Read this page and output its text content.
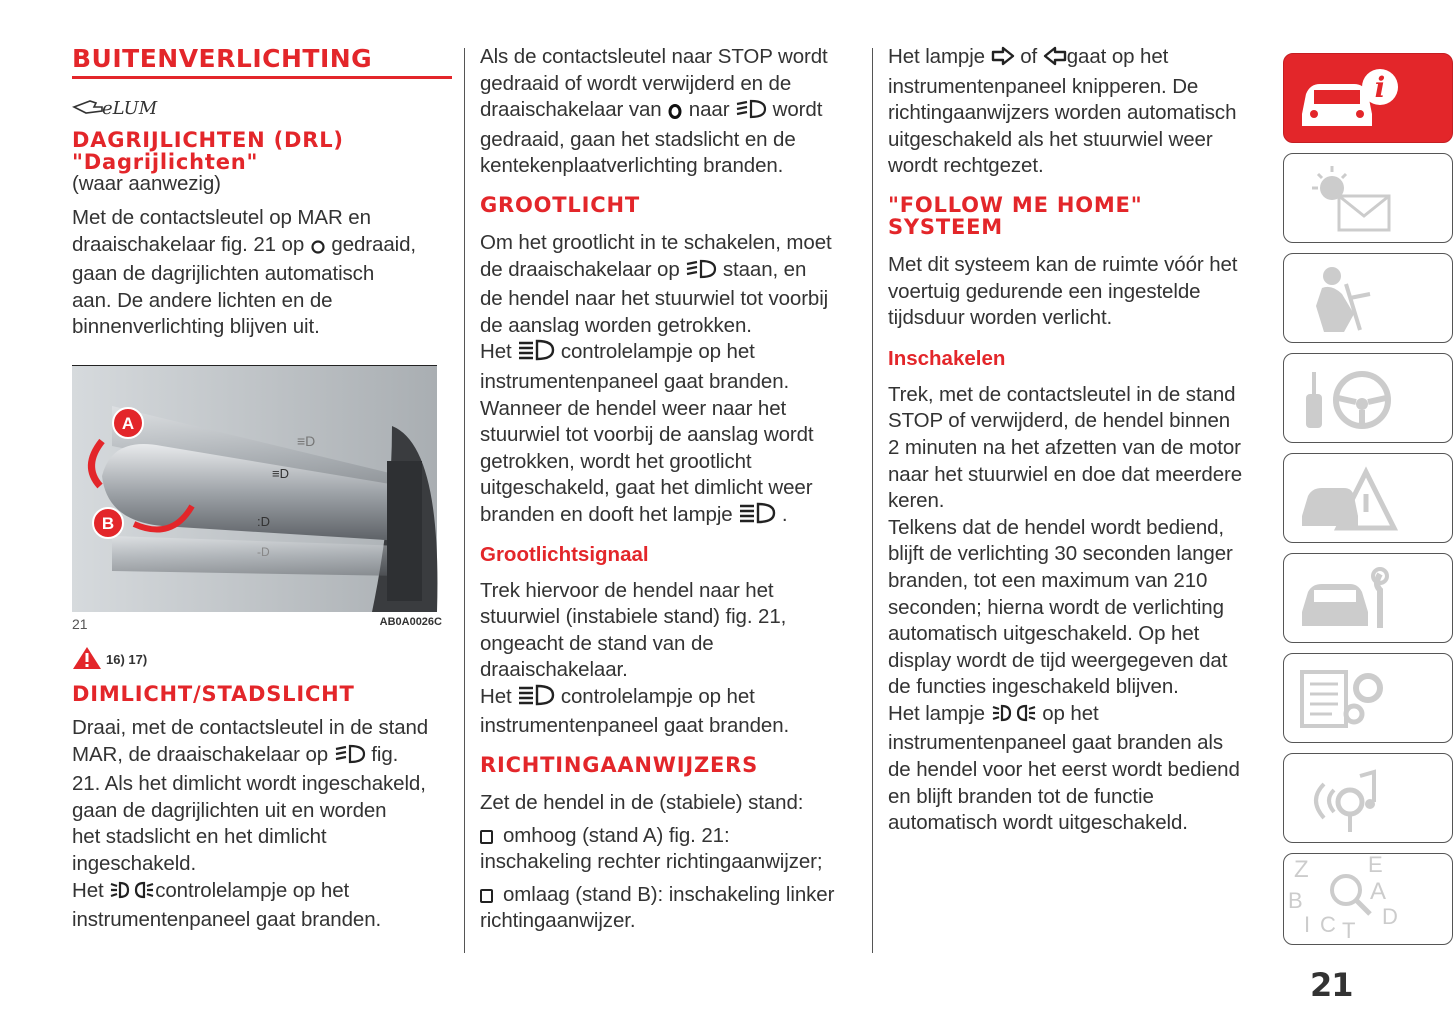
BUITENVERLICHTING
eLUM
DAGRIJLICHTEN (DRL)
"Dagrijlichten"

(waar aanwezig)

Met de contactsleutel op MAR en

draaischakelaar fig. 21 op gedraaid,

gaan de dagrijlichten automatisch

aan. De andere lichten en de

binnenverlichting blijven uit.

≡D
≡D
:D
-D
A
B
21	AB0A0026C
16) 17)
DIMLICHT/STADSLICHT

Draai, met de contactsleutel in de stand

MAR, de draaischakelaar op fig.

21. Als het dimlicht wordt ingeschakeld,

gaan de dagrijlichten uit en worden

het stadslicht en het dimlicht

ingeschakeld.

Het	controlelampje op het

instrumentenpaneel gaat branden.

Als de contactsleutel naar STOP wordt

gedraaid of wordt verwijderd en de

draaischakelaar van naar wordt

gedraaid, gaan het stadslicht en de

kentekenplaatverlichting branden.

GROOTLICHT

Om het grootlicht in te schakelen, moet

de draaischakelaar op staan, en

de hendel naar het stuurwiel tot voorbij

de aanslag worden getrokken.

Het controlelampje op het

instrumentenpaneel gaat branden.

Wanneer de hendel weer naar het

stuurwiel tot voorbij de aanslag wordt

getrokken, wordt het grootlicht

uitgeschakeld, gaat het dimlicht weer

branden en dooft het lampje .

Grootlichtsignaal

Trek hiervoor de hendel naar het

stuurwiel (instabiele stand) fig. 21,

ongeacht de stand van de

draaischakelaar.

Het controlelampje op het

instrumentenpaneel gaat branden.

RICHTINGAANWIJZERS

Zet de hendel in de (stabiele) stand:

omhoog (stand A) fig. 21:

inschakeling rechter richtingaanwijzer;

omlaag (stand B): inschakeling linker

richtingaanwijzer.

Het lampje of gaat op het

instrumentenpaneel knipperen. De

richtingaanwijzers worden automatisch

uitgeschakeld als het stuurwiel weer

wordt rechtgezet.

"FOLLOW ME HOME"
SYSTEEM

Met dit systeem kan de ruimte vóór het

voertuig gedurende een ingestelde

tijdsduur worden verlicht.

Inschakelen

Trek, met de contactsleutel in de stand

STOP of verwijderd, de hendel binnen

2 minuten na het afzetten van de motor

naar het stuurwiel en doe dat meerdere

keren.

Telkens dat de hendel wordt bediend,

blijft de verlichting 30 seconden langer

branden, tot een maximum van 210

seconden; hierna wordt de verlichting

automatisch uitgeschakeld. Op het

display wordt de tijd weergegeven dat

de functies ingeschakeld blijven.

Het lampje	op het

instrumentenpaneel gaat branden als

de hendel voor het eerst wordt bediend

en blijft branden tot de functie

automatisch wordt uitgeschakeld.

i
Z	E
B	A
C D
T
I
21
